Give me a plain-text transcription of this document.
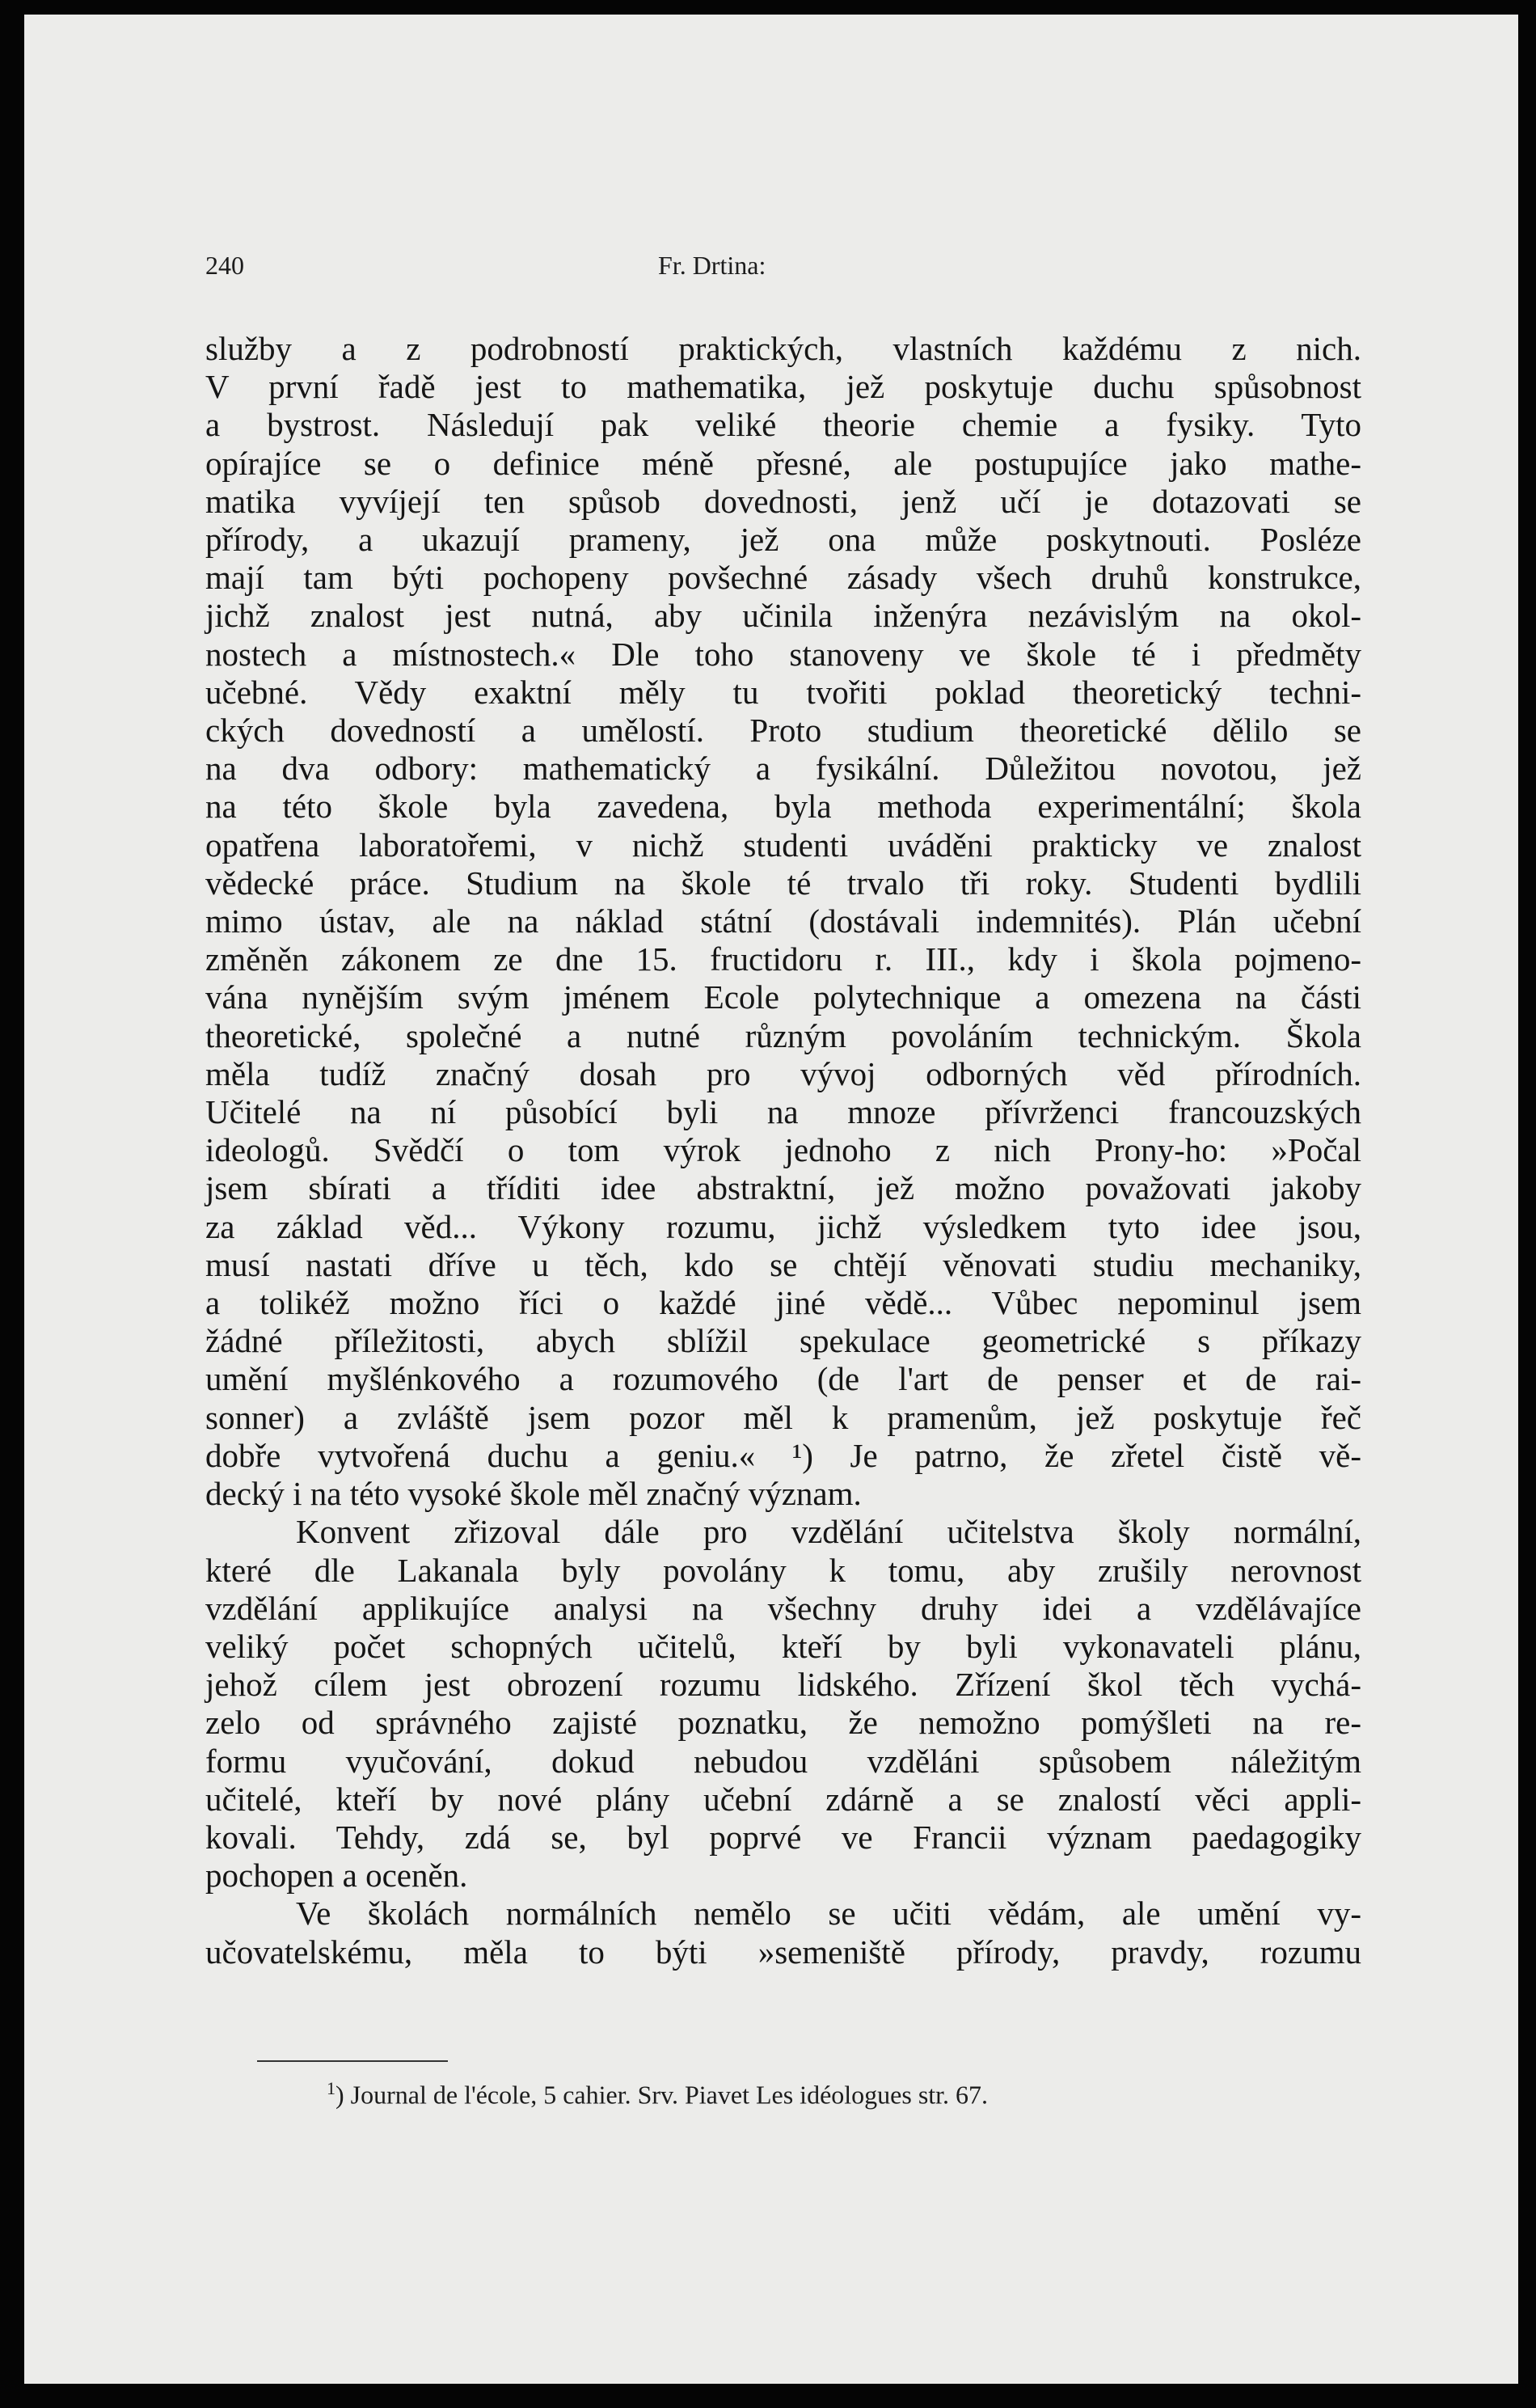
240	Fr. Drtina:
služby a z podrobností praktických, vlastních každému z nich.
V první řadě jest to mathematika, jež poskytuje duchu spůsobnost
a bystrost. Následují pak veliké theorie chemie a fysiky. Tyto
opírajíce se o definice méně přesné, ale postupujíce jako mathe-
matika vyvíjejí ten spůsob dovednosti, jenž učí je dotazovati se
přírody, a ukazují prameny, jež ona může poskytnouti. Posléze
mají tam býti pochopeny povšechné zásady všech druhů konstrukce,
jichž znalost jest nutná, aby učinila inženýra nezávislým na okol-
nostech a místnostech.« Dle toho stanoveny ve škole té i předměty
učebné. Vědy exaktní měly tu tvořiti poklad theoretický techni-
ckých dovedností a umělostí. Proto studium theoretické dělilo se
na dva odbory: mathematický a fysikální. Důležitou novotou, jež
na této škole byla zavedena, byla methoda experimentální; škola
opatřena laboratořemi, v nichž studenti uváděni prakticky ve znalost
vědecké práce. Studium na škole té trvalo tři roky. Studenti bydlili
mimo ústav, ale na náklad státní (dostávali indemnités). Plán učební
změněn zákonem ze dne 15. fructidoru r. III., kdy i škola pojmeno-
vána nynějším svým jménem Ecole polytechnique a omezena na části
theoretické, společné a nutné různým povoláním technickým. Škola
měla tudíž značný dosah pro vývoj odborných věd přírodních.
Učitelé na ní působící byli na mnoze přívrženci francouzských
ideologů. Svědčí o tom výrok jednoho z nich Prony-ho: »Počal
jsem sbírati a tříditi idee abstraktní, jež možno považovati jakoby
za základ věd... Výkony rozumu, jichž výsledkem tyto idee jsou,
musí nastati dříve u těch, kdo se chtějí věnovati studiu mechaniky,
a tolikéž možno říci o každé jiné vědě... Vůbec nepominul jsem
žádné příležitosti, abych sblížil spekulace geometrické s příkazy
umění myšlénkového a rozumového (de l'art de penser et de rai-
sonner) a zvláště jsem pozor měl k pramenům, jež poskytuje řeč
dobře vytvořená duchu a geniu.« ¹) Je patrno, že zřetel čistě vě-
decký i na této vysoké škole měl značný význam.
Konvent zřizoval dále pro vzdělání učitelstva školy normální,
které dle Lakanala byly povolány k tomu, aby zrušily nerovnost
vzdělání applikujíce analysi na všechny druhy idei a vzdělávajíce
veliký počet schopných učitelů, kteří by byli vykonavateli plánu,
jehož cílem jest obrození rozumu lidského. Zřízení škol těch vychá-
zelo od správného zajisté poznatku, že nemožno pomýšleti na re-
formu vyučování, dokud nebudou vzděláni spůsobem náležitým
učitelé, kteří by nové plány učební zdárně a se znalostí věci appli-
kovali. Tehdy, zdá se, byl poprvé ve Francii význam paedagogiky
pochopen a oceněn.
Ve školách normálních nemělo se učiti vědám, ale umění vy-
učovatelskému, měla to býti »semeniště přírody, pravdy, rozumu
$^1$) Journal de l'école, 5 cahier. Srv. Piavet Les idéologues str. 67.
